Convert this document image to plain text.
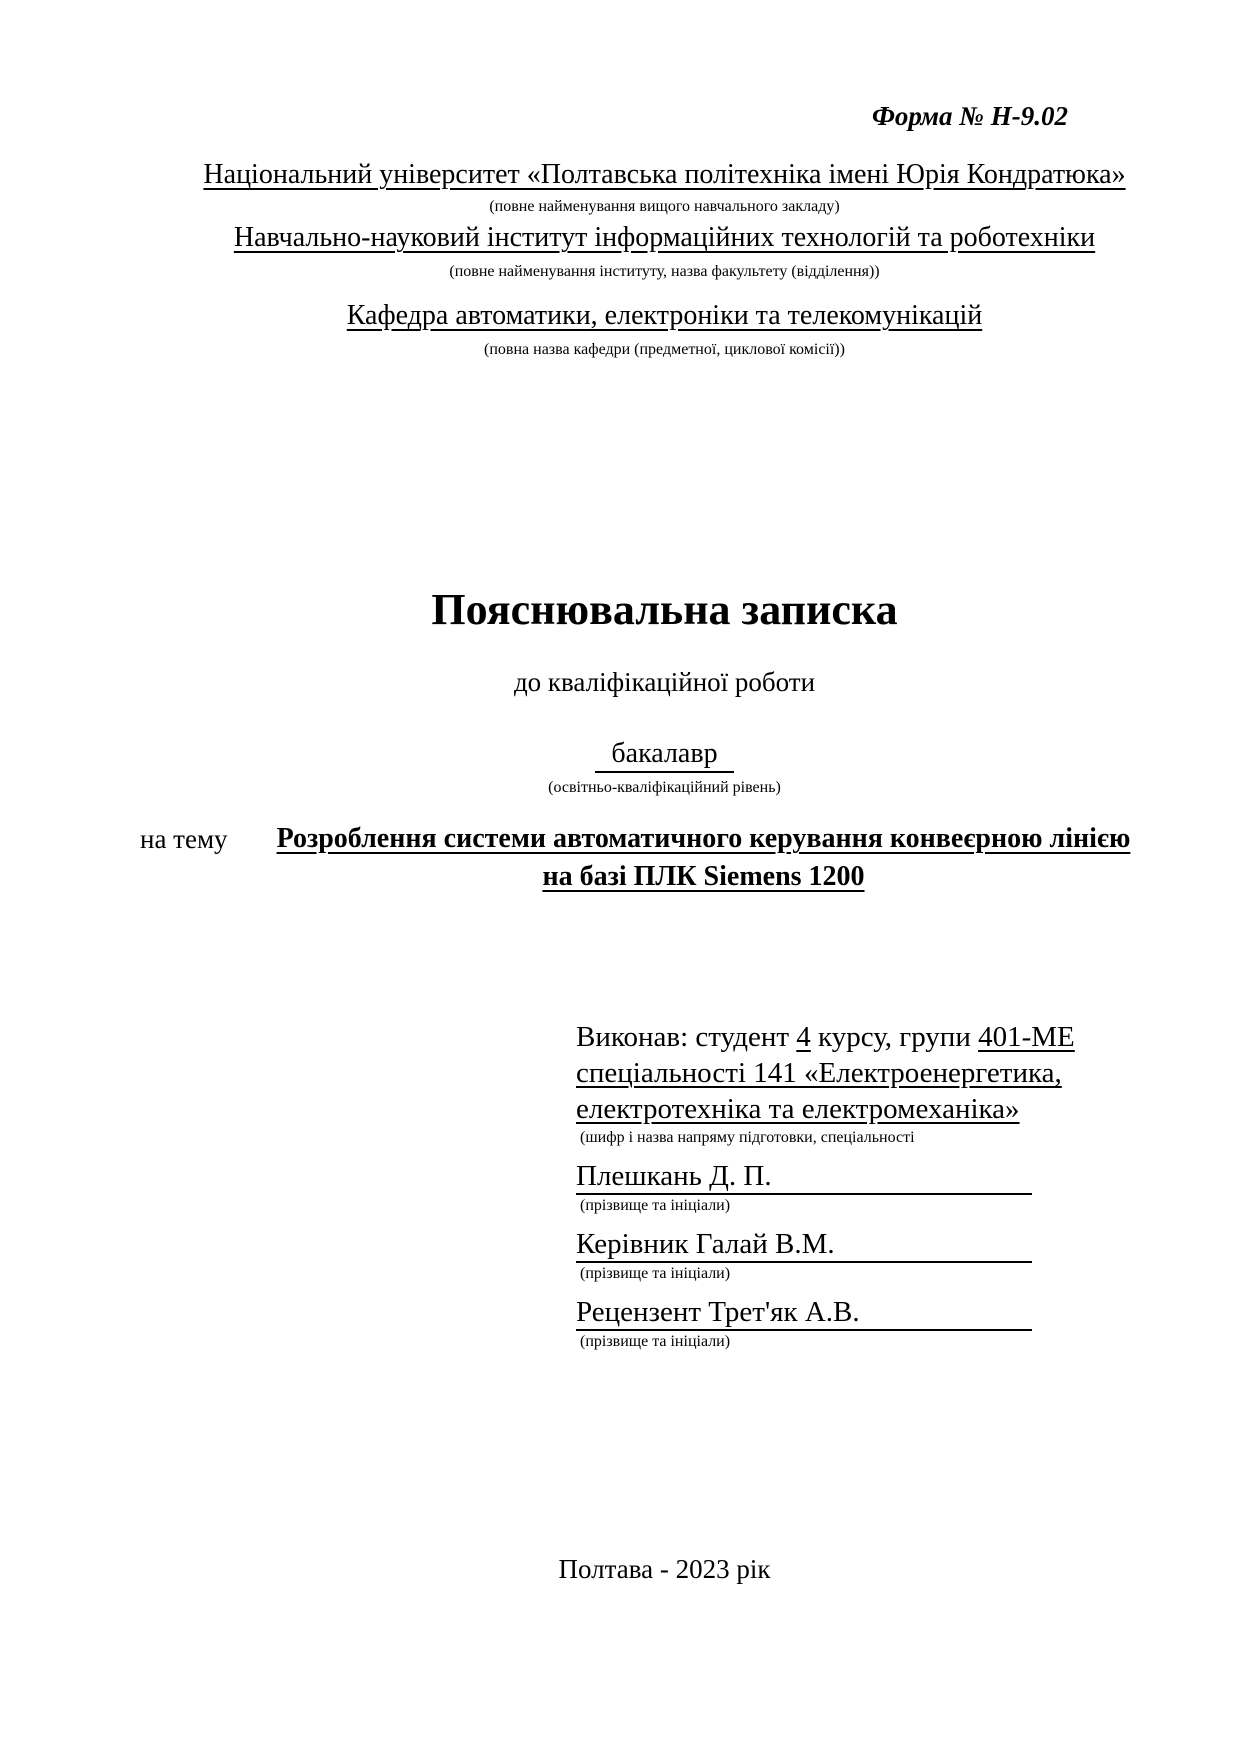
Форма № Н-9.02

Національний університет «Полтавська політехніка імені Юрія Кондратюка»

(повне найменування вищого навчального закладу)

Навчально-науковий інститут інформаційних технологій та роботехніки

(повне найменування інституту, назва факультету (відділення))

Кафедра автоматики, електроніки та телекомунікацій

(повна назва кафедри (предметної, циклової комісії))

Пояснювальна записка

до кваліфікаційної роботи

бакалавр

(освітньо-кваліфікаційний рівень)

Полтава - 2023 рік

на тему	Розроблення системи автоматичного керування конвеєрною лінією
на базі ПЛК Siemens 1200

Виконав: студент 4 курсу, групи 401-МЕ

спеціальності 141 «Електроенергетика,

електротехніка та електромеханіка»

(шифр і назва напряму підготовки, спеціальності

Плешкань Д. П.

(прізвище та ініціали)

Керівник Галай В.М.

(прізвище та ініціали)

Рецензент Трет'як А.В.

(прізвище та ініціали)
